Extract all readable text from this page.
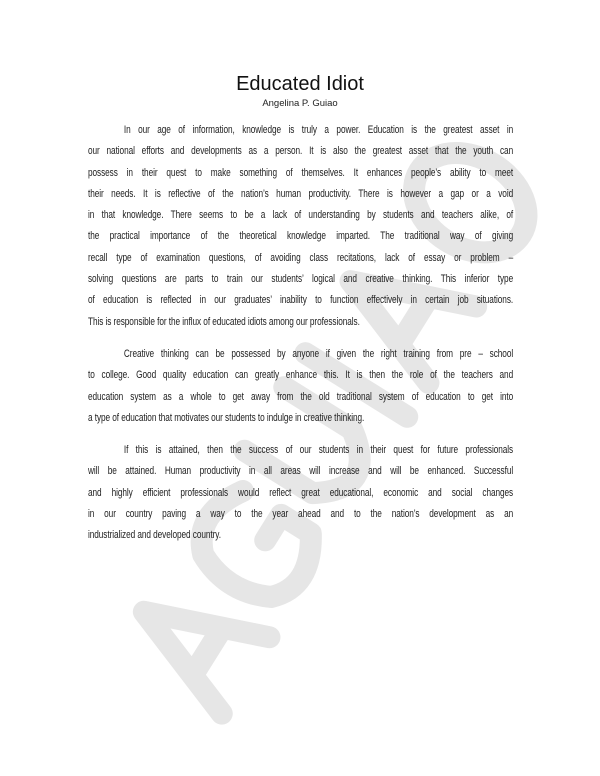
Educated Idiot
Angelina P. Guiao
In our age of information, knowledge is truly a power. Education is the greatest asset in
our national efforts and developments as a person. It is also the greatest asset that the youth can
possess in their quest to make something of themselves. It enhances people’s ability to meet
their needs. It is reflective of the nation’s human productivity. There is however a gap or a void
in that knowledge. There seems to be a lack of understanding by students and teachers alike, of
the practical importance of the theoretical knowledge imparted. The traditional way of giving
recall type of examination questions, of avoiding class recitations, lack of essay or problem –
solving questions are parts to train our students’ logical and creative thinking. This inferior type
of education is reflected in our graduates’ inability to function effectively in certain job situations.
This is responsible for the influx of educated idiots among our professionals.
Creative thinking can be possessed by anyone if given the right training from pre – school
to college. Good quality education can greatly enhance this. It is then the role of the teachers and
education system as a whole to get away from the old traditional system of education to get into
a type of education that motivates our students to indulge in creative thinking.
If this is attained, then the success of our students in their quest for future professionals
will be attained. Human productivity in all areas will increase and will be enhanced. Successful
and highly efficient professionals would reflect great educational, economic and social changes
in our country paving a way to the year ahead and to the nation’s development as an
industrialized and developed country.
